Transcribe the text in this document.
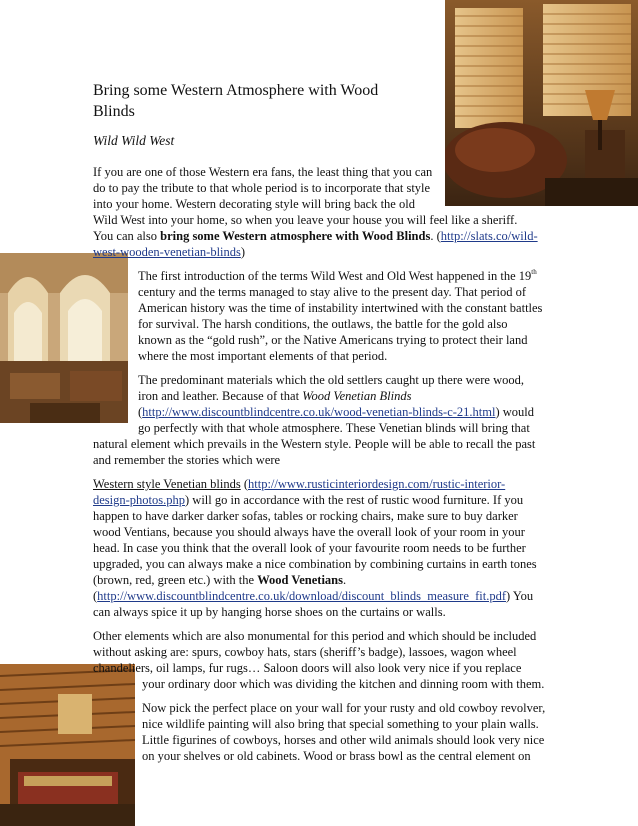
Bring some Western Atmosphere with Wood Blinds
Wild Wild West
If you are one of those Western era fans, the least thing that you can
do to pay the tribute to that whole period is to incorporate that style
into your home. Western decorating style will bring back the old
Wild West into your home, so when you leave your house you will feel like a sheriff.
You can also bring some Western atmosphere with Wood Blinds. (http://slats.co/wild-
west-wooden-venetian-blinds)
The first introduction of the terms Wild West and Old West happened in the 19th
century and the terms managed to stay alive to the present day. That period of
American history was the time of instability intertwined with the constant battles
for survival. The harsh conditions, the outlaws, the battle for the gold also
known as the “gold rush”, or the Native Americans trying to protect their land
where the most important elements of that period.
The predominant materials which the old settlers caught up there were wood,
iron and leather. Because of that Wood Venetian Blinds
(http://www.discountblindcentre.co.uk/wood-venetian-blinds-c-21.html) would
go perfectly with that whole atmosphere. These Venetian blinds will bring that
natural element which prevails in the Western style. People will be able to recall the past
and remember the stories which were
Western style Venetian blinds (http://www.rusticinteriordesign.com/rustic-interior-
design-photos.php) will go in accordance with the rest of rustic wood furniture. If you
happen to have darker darker sofas, tables or rocking chairs, make sure to buy darker
wood Ventians, because you should always have the overall look of your room in your
head. In case you think that the overall look of your favourite room needs to be further
upgraded, you can always make a nice combination by combining curtains in earth tones
(brown, red, green etc.) with the Wood Venetians.
(http://www.discountblindcentre.co.uk/download/discount_blinds_measure_fit.pdf) You
can always spice it up by hanging horse shoes on the curtains or walls.
Other elements which are also monumental for this period and which should be included
without asking are: spurs, cowboy hats, stars (sheriff’s badge), lassoes, wagon wheel
chandeliers, oil lamps, fur rugs… Saloon doors will also look very nice if you replace
your ordinary door which was dividing the kitchen and dinning room with them.
Now pick the perfect place on your wall for your rusty and old cowboy revolver,
nice wildlife painting will also bring that special something to your plain walls.
Little figurines of cowboys, horses and other wild animals should look very nice
on your shelves or old cabinets. Wood or brass bowl as the central element on
